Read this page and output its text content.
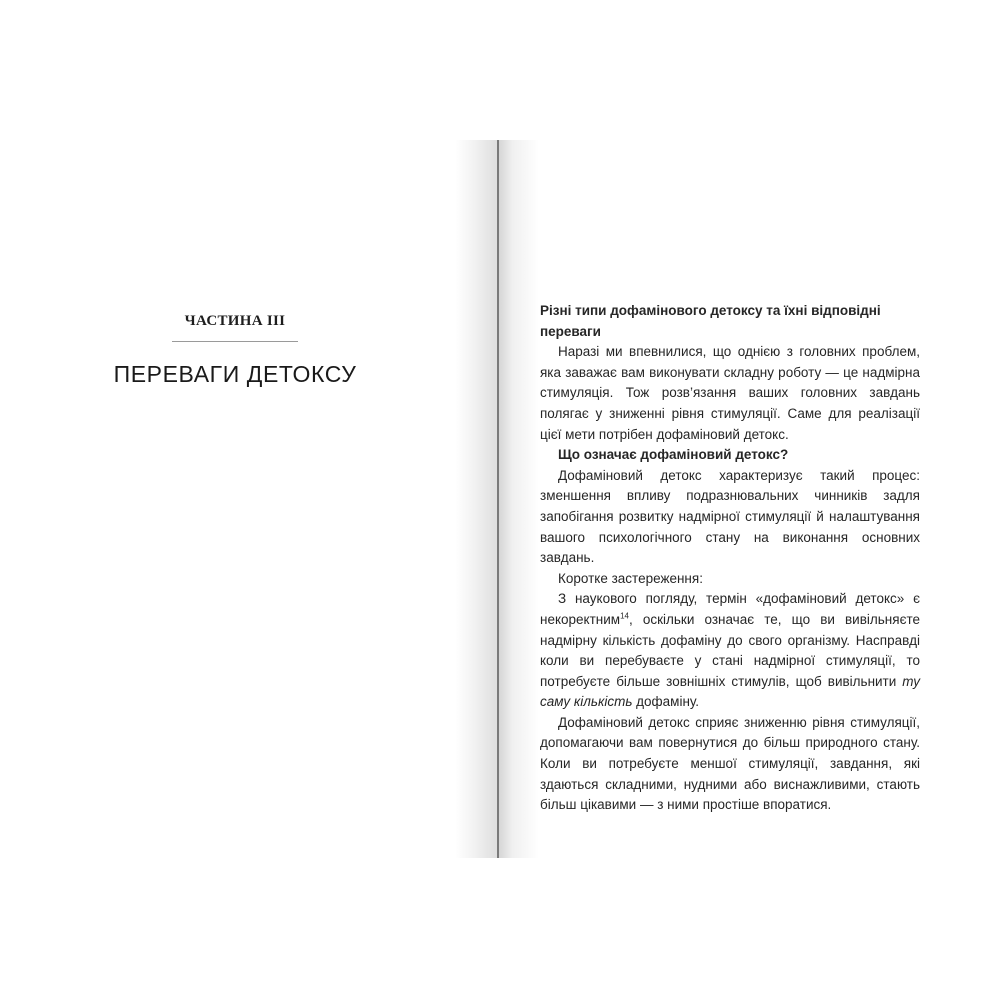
ЧАСТИНА III
ПЕРЕВАГИ ДЕТОКСУ

Різні типи дофамінового детоксу та їхні відповідні переваги

Наразі ми впевнилися, що однією з головних проблем, яка заважає вам виконувати складну роботу — це надмірна стимуляція. Тож розв’язання ваших головних завдань полягає у зниженні рівня стимуляції. Саме для реалізації цієї мети потрібен дофаміновий детокс.

Що означає дофаміновий детокс?

Дофаміновий детокс характеризує такий процес: зменшення впливу подразнювальних чинників задля запобігання розвитку надмірної стимуляції й налаштування вашого психологічного стану на виконання основних завдань.

Коротке застереження:

З наукового погляду, термін «дофаміновий детокс» є некоректним$^{14}$, оскільки означає те, що ви вивільняєте надмірну кількість дофаміну до свого організму. Насправді коли ви перебуваєте у стані надмірної стимуляції, то потребуєте більше зовнішніх стимулів, щоб вивільнити ту саму кількість дофаміну.

Дофаміновий детокс сприяє зниженню рівня стимуляції, допомагаючи вам повернутися до більш природного стану. Коли ви потребуєте меншої стимуляції, завдання, які здаються складними, нудними або виснажливими, стають більш цікавими — з ними простіше впоратися.
